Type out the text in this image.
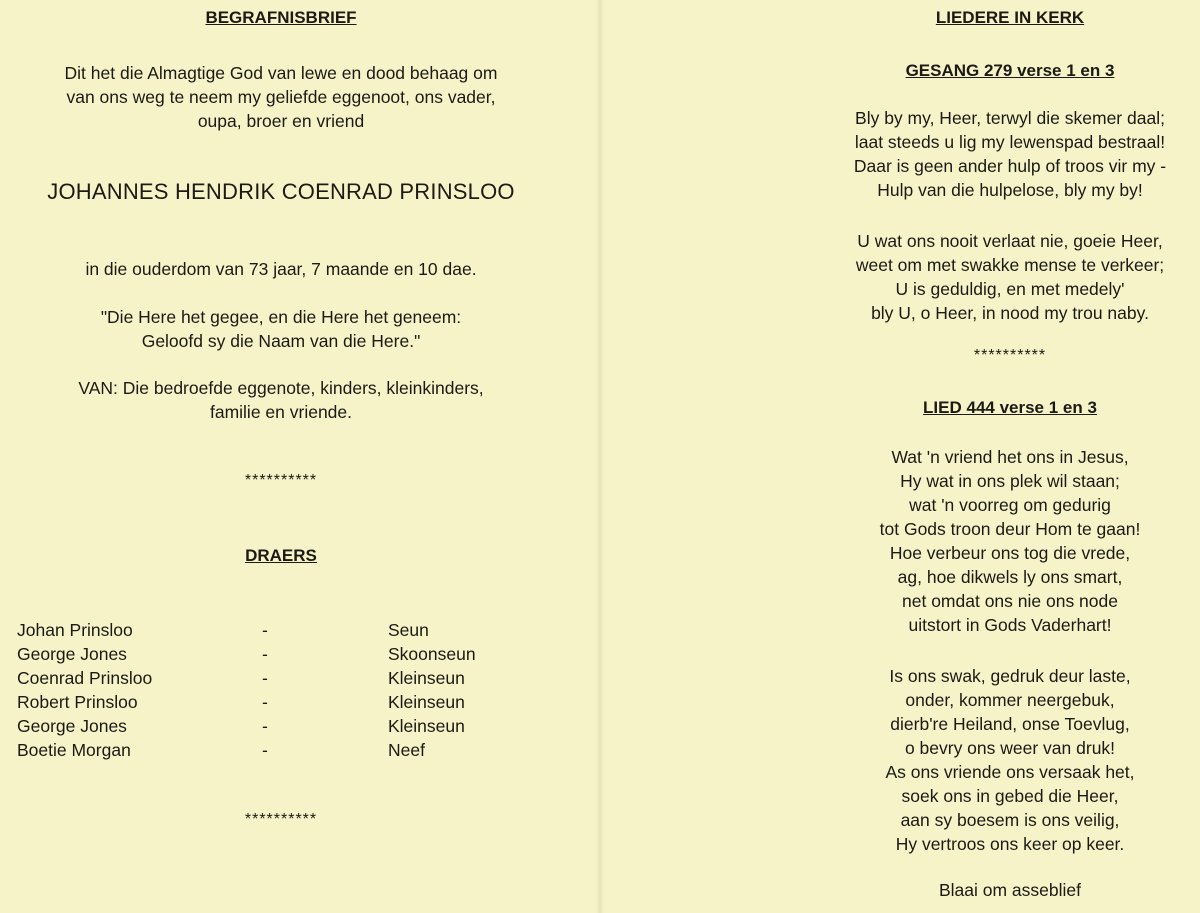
BEGRAFNISBRIEF
Dit het die Almagtige God van lewe en dood behaag om
van ons weg te neem my geliefde eggenoot, ons vader,
oupa, broer en vriend
JOHANNES HENDRIK COENRAD PRINSLOO
in die ouderdom van 73 jaar, 7 maande en 10 dae.
"Die Here het gegee, en die Here het geneem:
Geloofd sy die Naam van die Here."
VAN: Die bedroefde eggenote, kinders, kleinkinders,
familie en vriende.
**********
DRAERS
Johan Prinsloo	-	Seun
George Jones	-	Skoonseun
Coenrad Prinsloo	-	Kleinseun
Robert Prinsloo	-	Kleinseun
George Jones	-	Kleinseun
Boetie Morgan	-	Neef
**********
LIEDERE IN KERK
GESANG 279 verse 1 en 3
Bly by my, Heer, terwyl die skemer daal;
laat steeds u lig my lewenspad bestraal!
Daar is geen ander hulp of troos vir my -
Hulp van die hulpelose, bly my by!
U wat ons nooit verlaat nie, goeie Heer,
weet om met swakke mense te verkeer;
U is geduldig, en met medely'
bly U, o Heer, in nood my trou naby.
**********
LIED 444 verse 1 en 3
Wat 'n vriend het ons in Jesus,
Hy wat in ons plek wil staan;
wat 'n voorreg om gedurig
tot Gods troon deur Hom te gaan!
Hoe verbeur ons tog die vrede,
ag, hoe dikwels ly ons smart,
net omdat ons nie ons node
uitstort in Gods Vaderhart!
Is ons swak, gedruk deur laste,
onder, kommer neergebuk,
dierb're Heiland, onse Toevlug,
o bevry ons weer van druk!
As ons vriende ons versaak het,
soek ons in gebed die Heer,
aan sy boesem is ons veilig,
Hy vertroos ons keer op keer.
Blaai om asseblief
